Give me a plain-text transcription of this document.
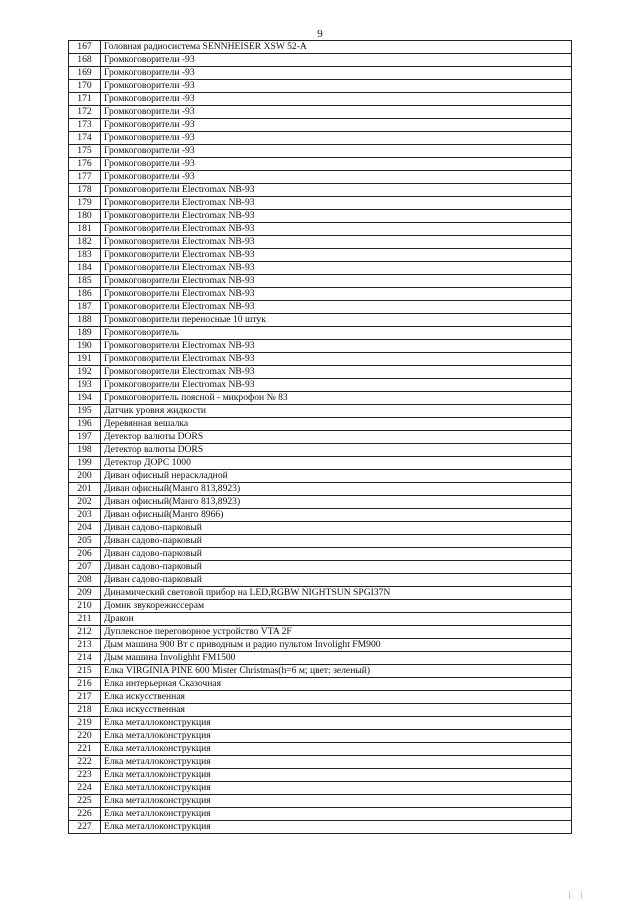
9
167	Головная радиосистема SENNHEISER XSW 52-A
168	Громкоговорители -93
169	Громкоговорители -93
170	Громкоговорители -93
171	Громкоговорители -93
172	Громкоговорители -93
173	Громкоговорители -93
174	Громкоговорители -93
175	Громкоговорители -93
176	Громкоговорители -93
177	Громкоговорители -93
178	Громкоговорители Electromax NB-93
179	Громкоговорители Electromax NB-93
180	Громкоговорители Electromax NB-93
181	Громкоговорители Electromax NB-93
182	Громкоговорители Electromax NB-93
183	Громкоговорители Electromax NB-93
184	Громкоговорители Electromax NB-93
185	Громкоговорители Electromax NB-93
186	Громкоговорители Electromax NB-93
187	Громкоговорители Electromax NB-93
188	Громкоговорители переносные 10 штук
189	Громкоговоритель
190	Громкоговорители Electromax NB-93
191	Громкоговорители Electromax NB-93
192	Громкоговорители Electromax NB-93
193	Громкоговорители Electromax NB-93
194	Громкоговоритель поясной - микрофон № 83
195	Датчик уровня жидкости
196	Деревянная вешалка
197	Детектор валюты DORS
198	Детектор валюты DORS
199	Детектор ДОРС 1000
200	Диван офисный нераскладной
201	Диван офисный(Манго 813,8923)
202	Диван офисный(Манго 813,8923)
203	Диван офисный(Манго 8966)
204	Диван садово-парковый
205	Диван садово-парковый
206	Диван садово-парковый
207	Диван садово-парковый
208	Диван садово-парковый
209	Динамический световой прибор на LED,RGBW NIGHTSUN SPGI37N
210	Домик звукорежиссерам
211	Дракон
212	Дуплексное переговорное устройство VTA 2F
213	Дым машина 900 Вт с приводным и радио пультом Involight FM900
214	Дым машина Involighht FM1500
215	Елка VIRGINIA PINE 600 Mister Christmas(h=6 м; цвет: зеленый)
216	Елка интерьерная Сказочная
217	Елка искусственная
218	Елка искусственная
219	Елка металлоконструкция
220	Елка металлоконструкция
221	Елка металлоконструкция
222	Елка металлоконструкция
223	Елка металлоконструкция
224	Елка металлоконструкция
225	Елка металлоконструкция
226	Елка металлоконструкция
227	Елка металлоконструкция
| |
